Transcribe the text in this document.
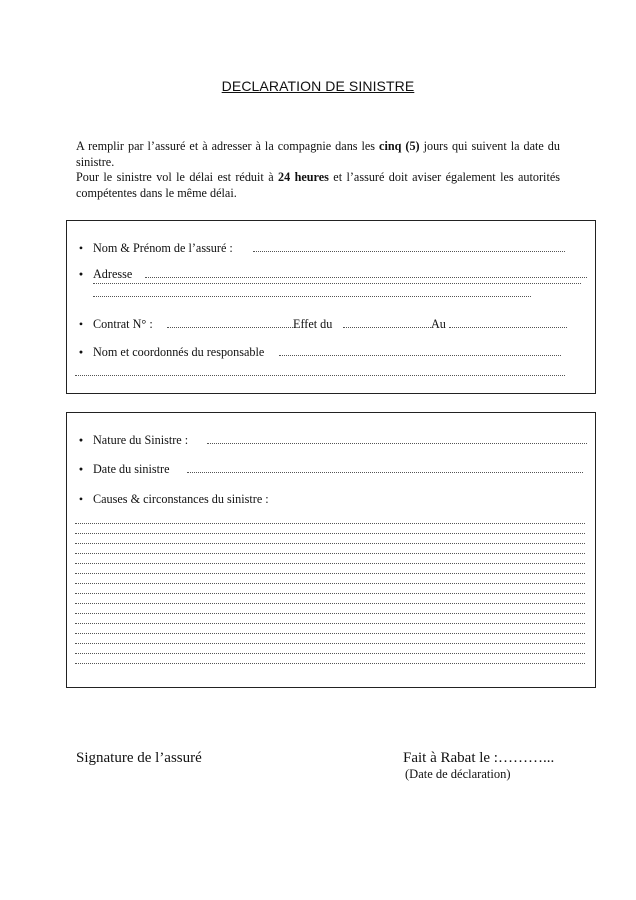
DECLARATION DE SINISTRE

A remplir par l’assuré et à adresser à la compagnie dans les cinq (5) jours qui suivent la date du sinistre.

Pour le sinistre vol le délai est réduit à 24 heures et l’assuré doit aviser également les autorités compétentes dans le même délai.

• Nom & Prénom de l’assuré :
● Adresse
• Contrat N° :	Effet du	Au
● Nom et coordonnés du responsable
● Nature du Sinistre :
● Date du sinistre
• Causes & circonstances du sinistre :
Signature de l’assuré	Fait à Rabat le :………...
(Date de déclaration)
